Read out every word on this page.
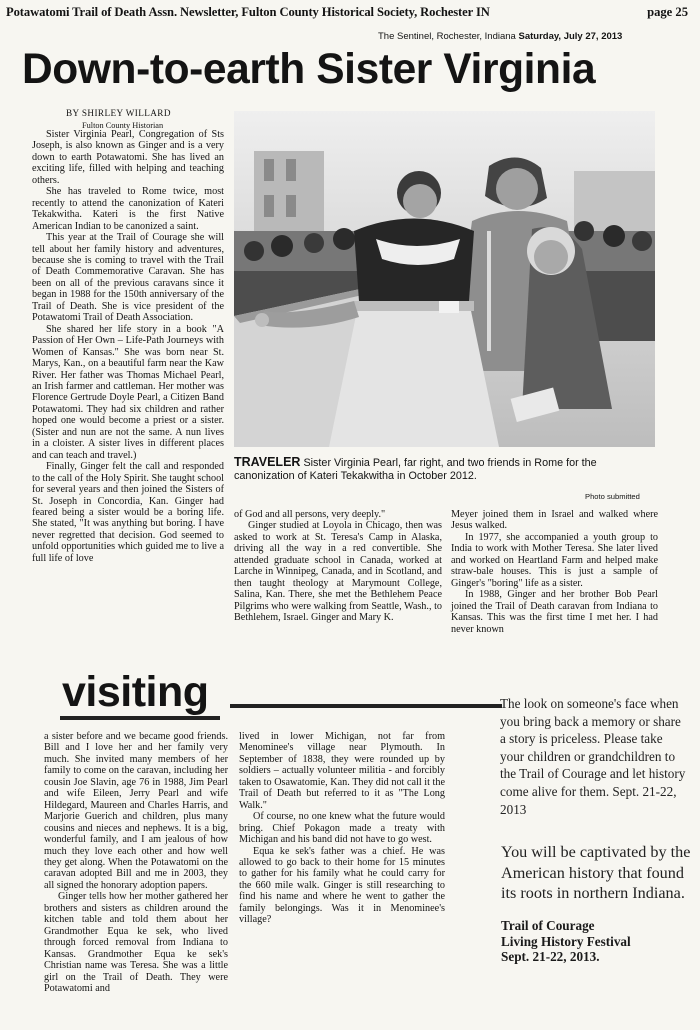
Potawatomi Trail of Death Assn. Newsletter, Fulton County Historical Society, Rochester IN	page 25
The Sentinel, Rochester, Indiana Saturday, July 27, 2013
Down-to-earth Sister Virginia
BY SHIRLEY WILLARD
Fulton County Historian

Sister Virginia Pearl, Congregation of Sts Joseph, is also known as Ginger and is a very down to earth Potawatomi. She has lived an exciting life, filled with helping and teaching others.

She has traveled to Rome twice, most recently to attend the canonization of Kateri Tekakwitha. Kateri is the first Native American Indian to be canonized a saint.

This year at the Trail of Courage she will tell about her family history and adventures, because she is coming to travel with the Trail of Death Commemorative Caravan. She has been on all of the previous caravans since it began in 1988 for the 150th anniversary of the Trail of Death. She is vice president of the Potawatomi Trail of Death Association.

She shared her life story in a book "A Passion of Her Own – Life-Path Journeys with Women of Kansas." She was born near St. Marys, Kan., on a beautiful farm near the Kaw River. Her father was Thomas Michael Pearl, an Irish farmer and cattleman. Her mother was Florence Gertrude Doyle Pearl, a Citizen Band Potawatomi. They had six children and rather hoped one would become a priest or a sister. (Sister and nun are not the same. A nun lives in a cloister. A sister lives in different places and can teach and travel.)

Finally, Ginger felt the call and responded to the call of the Holy Spirit. She taught school for several years and then joined the Sisters of St. Joseph in Concordia, Kan. Ginger had feared being a sister would be a boring life. She stated, "It was anything but boring. I have never regretted that decision. God seemed to unfold opportunities which guided me to live a full life of love

TRAVELER Sister Virginia Pearl, far right, and two friends in Rome for the canonization of Kateri Tekakwitha in October 2012.
Photo submitted

of God and all persons, very deeply."

Ginger studied at Loyola in Chicago, then was asked to work at St. Teresa's Camp in Alaska, driving all the way in a red convertible. She attended graduate school in Canada, worked at Larche in Winnipeg, Canada, and in Scotland, and then taught theology at Marymount College, Salina, Kan. There, she met the Bethlehem Peace Pilgrims who were walking from Seattle, Wash., to Bethlehem, Israel. Ginger and Mary K.

Meyer joined them in Israel and walked where Jesus walked.

In 1977, she accompanied a youth group to India to work with Mother Teresa. She later lived and worked on Heartland Farm and helped make straw-bale houses. This is just a sample of Ginger's "boring" life as a sister.

In 1988, Ginger and her brother Bob Pearl joined the Trail of Death caravan from Indiana to Kansas. This was the first time I met her. I had never known

visiting

a sister before and we became good friends. Bill and I love her and her family very much. She invited many members of her family to come on the caravan, including her cousin Joe Slavin, age 76 in 1988, Jim Pearl and wife Eileen, Jerry Pearl and wife Hildegard, Maureen and Charles Harris, and Marjorie Guerich and children, plus many cousins and nieces and nephews. It is a big, wonderful family, and I am jealous of how much they love each other and how well they get along. When the Potawatomi on the caravan adopted Bill and me in 2003, they all signed the honorary adoption papers.

Ginger tells how her mother gathered her brothers and sisters as children around the kitchen table and told them about her Grandmother Equa ke sek, who lived through forced removal from Indiana to Kansas. Grandmother Equa ke sek's Christian name was Teresa. She was a little girl on the Trail of Death. They were Potawatomi and

lived in lower Michigan, not far from Menominee's village near Plymouth. In September of 1838, they were rounded up by soldiers – actually volunteer militia - and forcibly taken to Osawatomie, Kan. They did not call it the Trail of Death but referred to it as "The Long Walk."

Of course, no one knew what the future would bring. Chief Pokagon made a treaty with Michigan and his band did not have to go west.

Equa ke sek's father was a chief. He was allowed to go back to their home for 15 minutes to gather for his family what he could carry for the 660 mile walk. Ginger is still researching to find his name and where he went to gather the family belongings. Was it in Menominee's village?

The look on someone's face when you bring back a memory or share a story is priceless. Please take your children or grandchildren to the Trail of Courage and let history come alive for them. Sept. 21-22, 2013
You will be captivated by the American history that found its roots in northern Indiana.
Trail of Courage
Living History Festival
Sept. 21-22, 2013.
